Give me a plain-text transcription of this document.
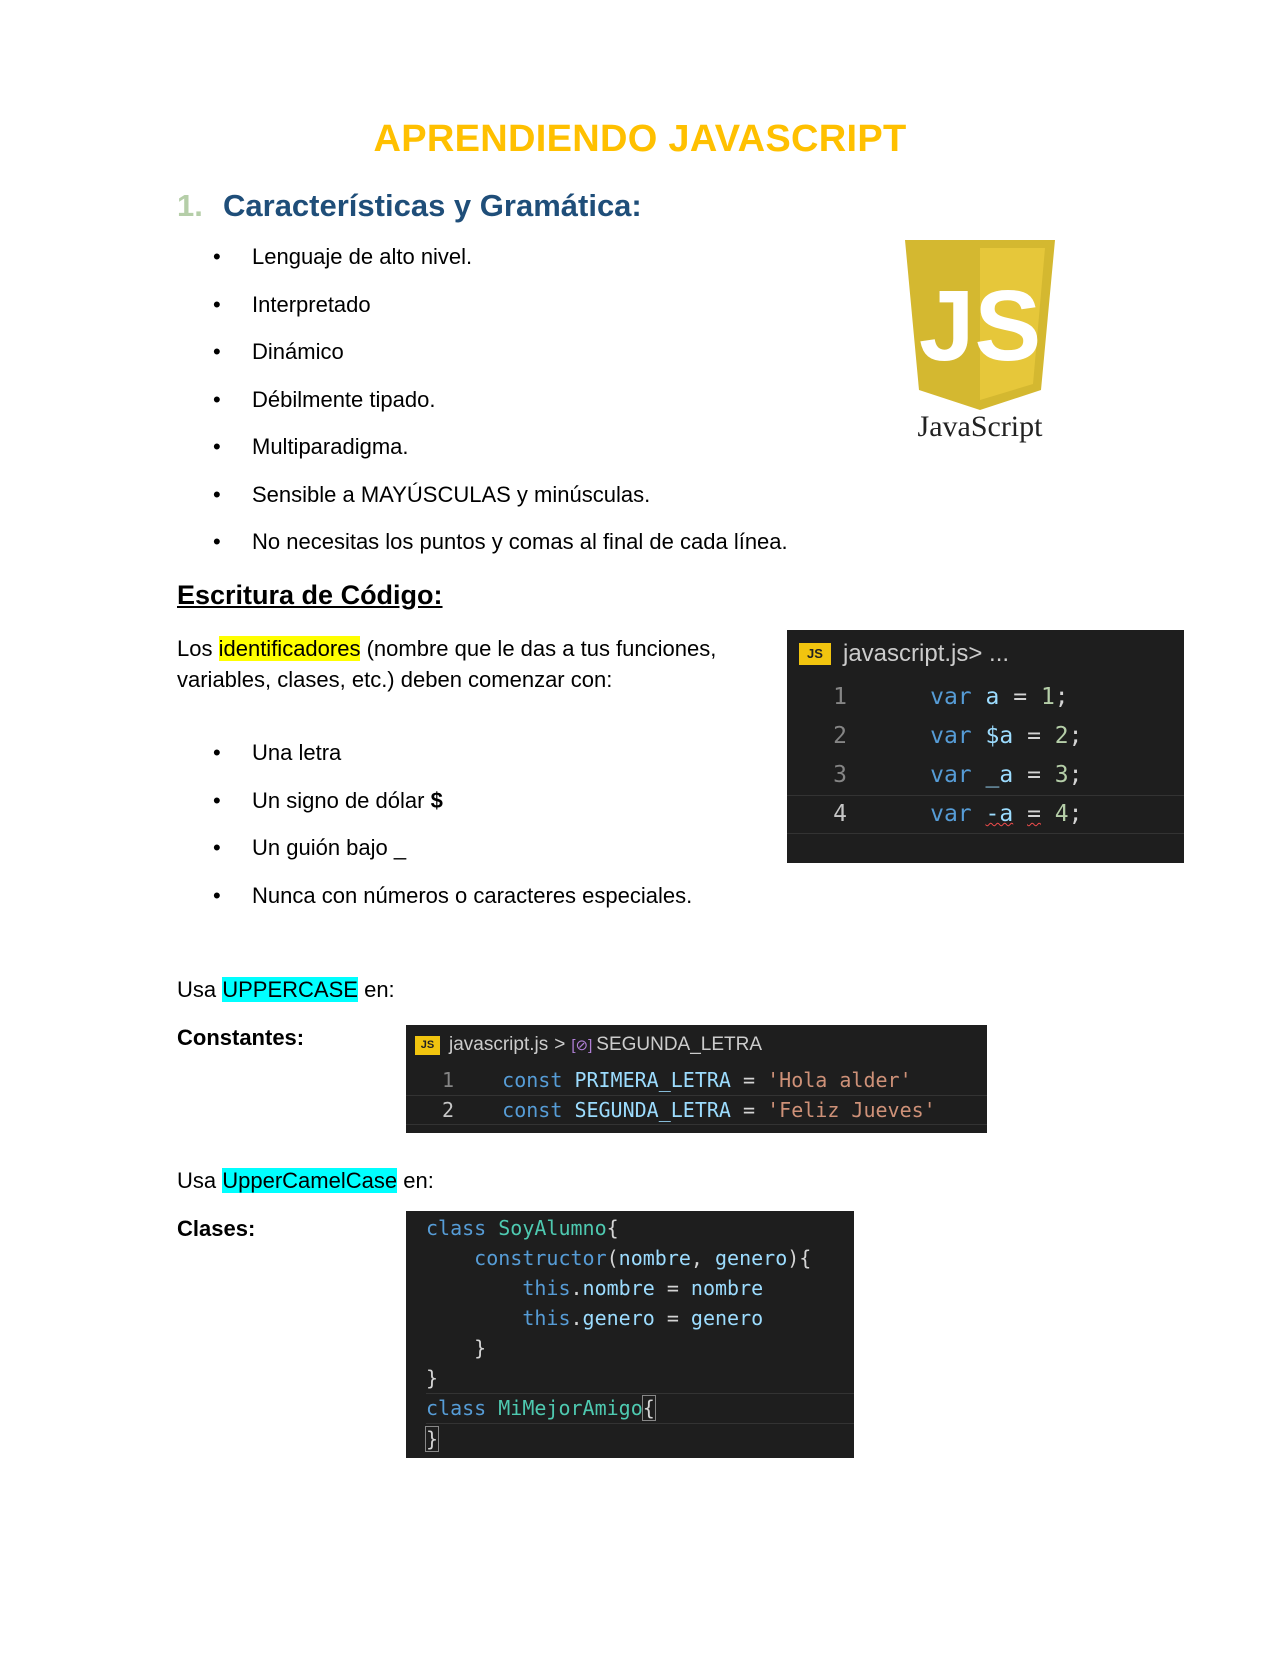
APRENDIENDO JAVASCRIPT
1. Características y Gramática:
• Lenguaje de alto nivel.
• Interpretado
• Dinámico
• Débilmente tipado.
• Multiparadigma.
• Sensible a MAYÚSCULAS y minúsculas.
• No necesitas los puntos y comas al final de cada línea.
JS
JavaScript
Escritura de Código:
Los identificadores (nombre que le das a tus funciones, variables, clases, etc.) deben comenzar con:
• Una letra
• Un signo de dólar $
• Un guión bajo _
• Nunca con números o caracteres especiales.
JS javascript.js > ...
1	var a = 1;
2	var $a = 2;
3	var _a = 3;
4	var -a = 4;
Usa UPPERCASE en:
Constantes:	JS javascript.js > [⊘] SEGUNDA_LETRA
1 const PRIMERA_LETRA = 'Hola alder'
2 const SEGUNDA_LETRA = 'Feliz Jueves'
Usa UpperCamelCase en:
Clases:	class SoyAlumno{
constructor(nombre, genero){
this.nombre = nombre
this.genero = genero
}
}
class MiMejorAmigo{
}
